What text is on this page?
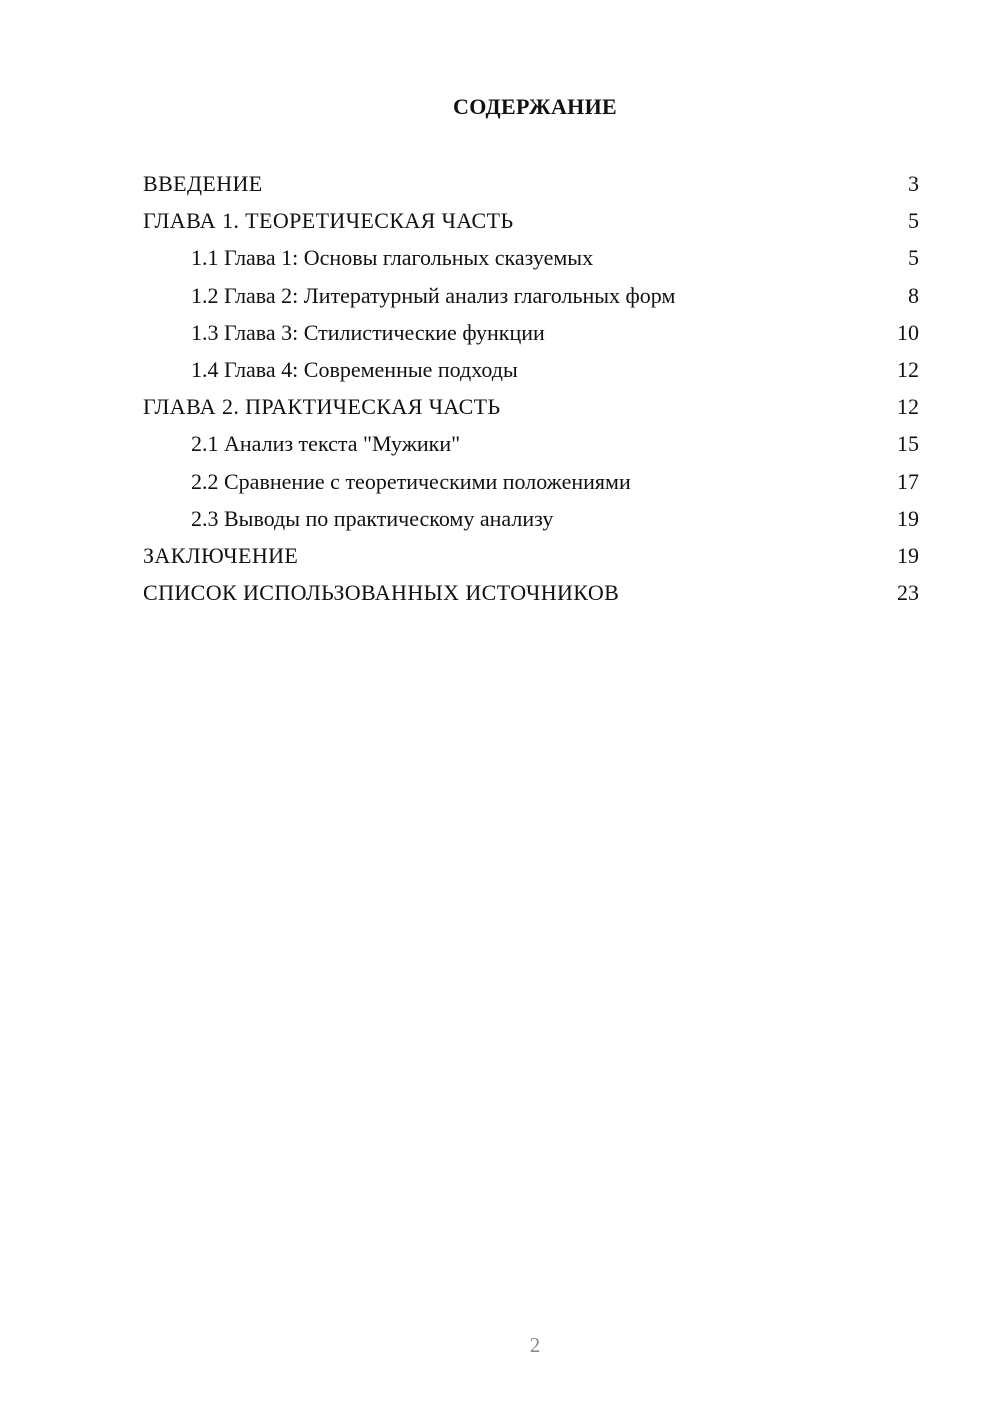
СОДЕРЖАНИЕ
ВВЕДЕНИЕ	3
ГЛАВА 1. ТЕОРЕТИЧЕСКАЯ ЧАСТЬ	5
1.1 Глава 1: Основы глагольных сказуемых	5
1.2 Глава 2: Литературный анализ глагольных форм	8
1.3 Глава 3: Стилистические функции	10
1.4 Глава 4: Современные подходы	12
ГЛАВА 2. ПРАКТИЧЕСКАЯ ЧАСТЬ	12
2.1 Анализ текста "Мужики"	15
2.2 Сравнение с теоретическими положениями	17
2.3 Выводы по практическому анализу	19
ЗАКЛЮЧЕНИЕ	19
СПИСОК ИСПОЛЬЗОВАННЫХ ИСТОЧНИКОВ	23
2
